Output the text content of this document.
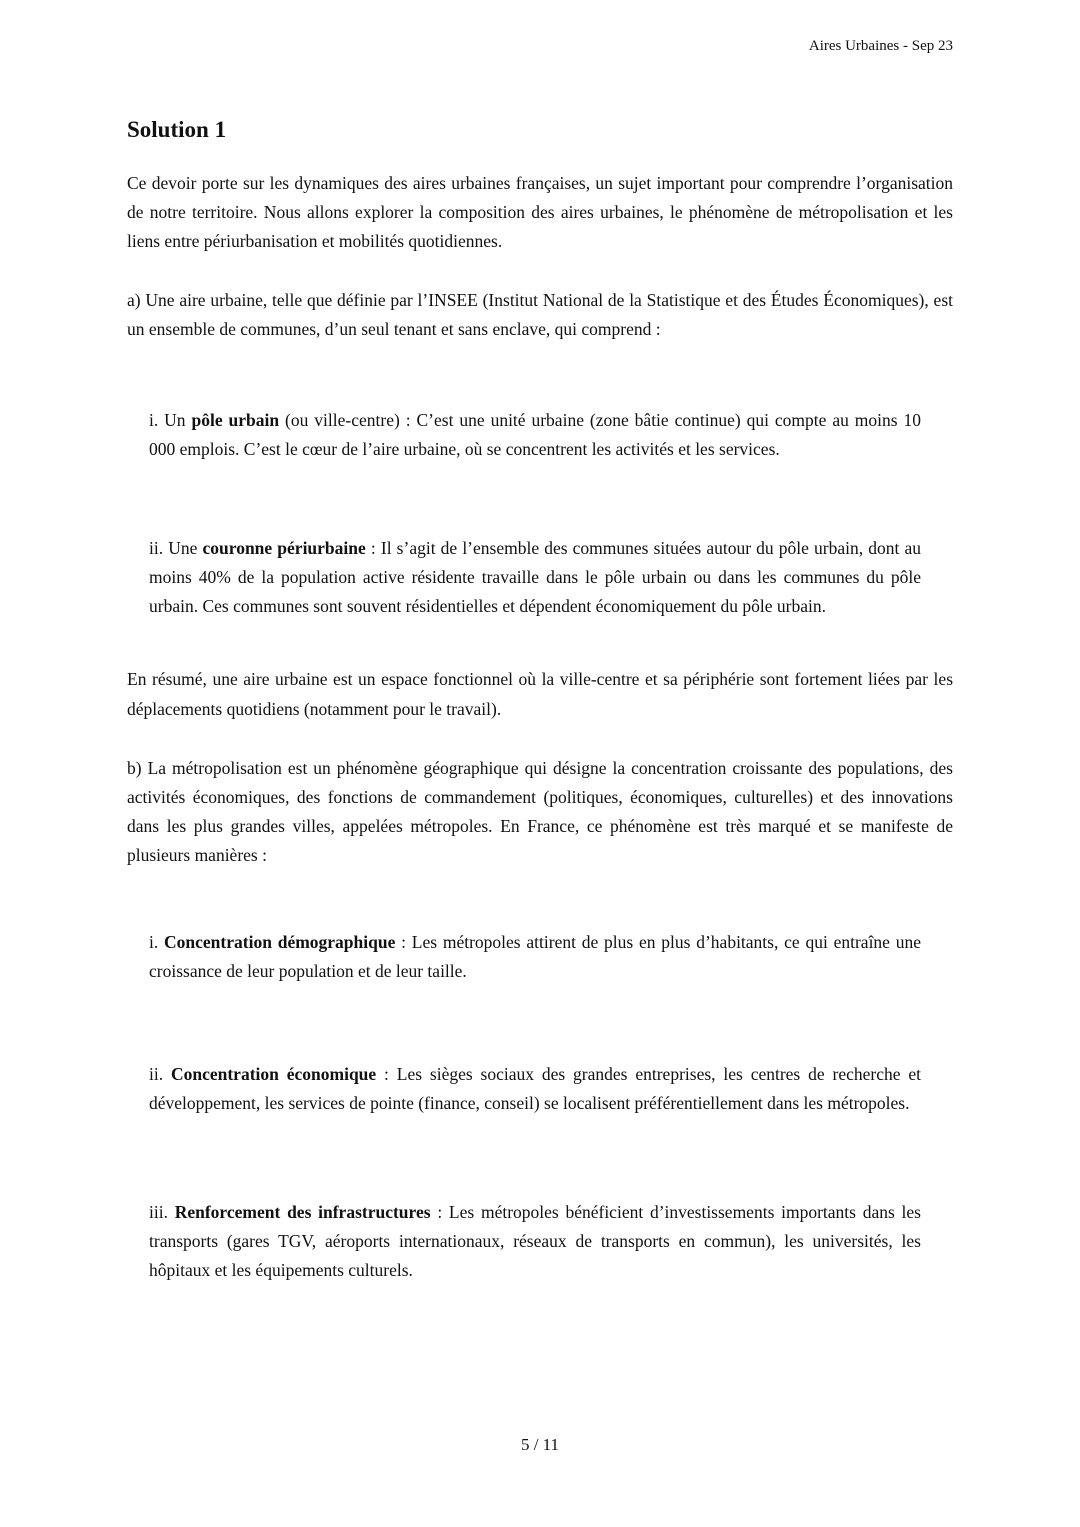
Aires Urbaines - Sep 23
Solution 1

Ce devoir porte sur les dynamiques des aires urbaines françaises, un sujet important pour comprendre l’organisation de notre territoire. Nous allons explorer la composition des aires urbaines, le phénomène de métropolisation et les liens entre périurbanisation et mobilités quotidiennes.

a) Une aire urbaine, telle que définie par l’INSEE (Institut National de la Statistique et des Études Économiques), est un ensemble de communes, d’un seul tenant et sans enclave, qui comprend :

i. Un pôle urbain (ou ville-centre) : C’est une unité urbaine (zone bâtie continue) qui compte au moins 10 000 emplois. C’est le cœur de l’aire urbaine, où se concentrent les activités et les services.

ii. Une couronne périurbaine : Il s’agit de l’ensemble des communes situées autour du pôle urbain, dont au moins 40% de la population active résidente travaille dans le pôle urbain ou dans les communes du pôle urbain. Ces communes sont souvent résidentielles et dépendent économiquement du pôle urbain.

En résumé, une aire urbaine est un espace fonctionnel où la ville-centre et sa périphérie sont fortement liées par les déplacements quotidiens (notamment pour le travail).

b) La métropolisation est un phénomène géographique qui désigne la concentration croissante des populations, des activités économiques, des fonctions de commandement (politiques, économiques, culturelles) et des innovations dans les plus grandes villes, appelées métropoles. En France, ce phénomène est très marqué et se manifeste de plusieurs manières :

i. Concentration démographique : Les métropoles attirent de plus en plus d’habitants, ce qui entraîne une croissance de leur population et de leur taille.

ii. Concentration économique : Les sièges sociaux des grandes entreprises, les centres de recherche et développement, les services de pointe (finance, conseil) se localisent préférentiellement dans les métropoles.

iii. Renforcement des infrastructures : Les métropoles bénéficient d’investissements importants dans les transports (gares TGV, aéroports internationaux, réseaux de transports en commun), les universités, les hôpitaux et les équipements culturels.

5 / 11
